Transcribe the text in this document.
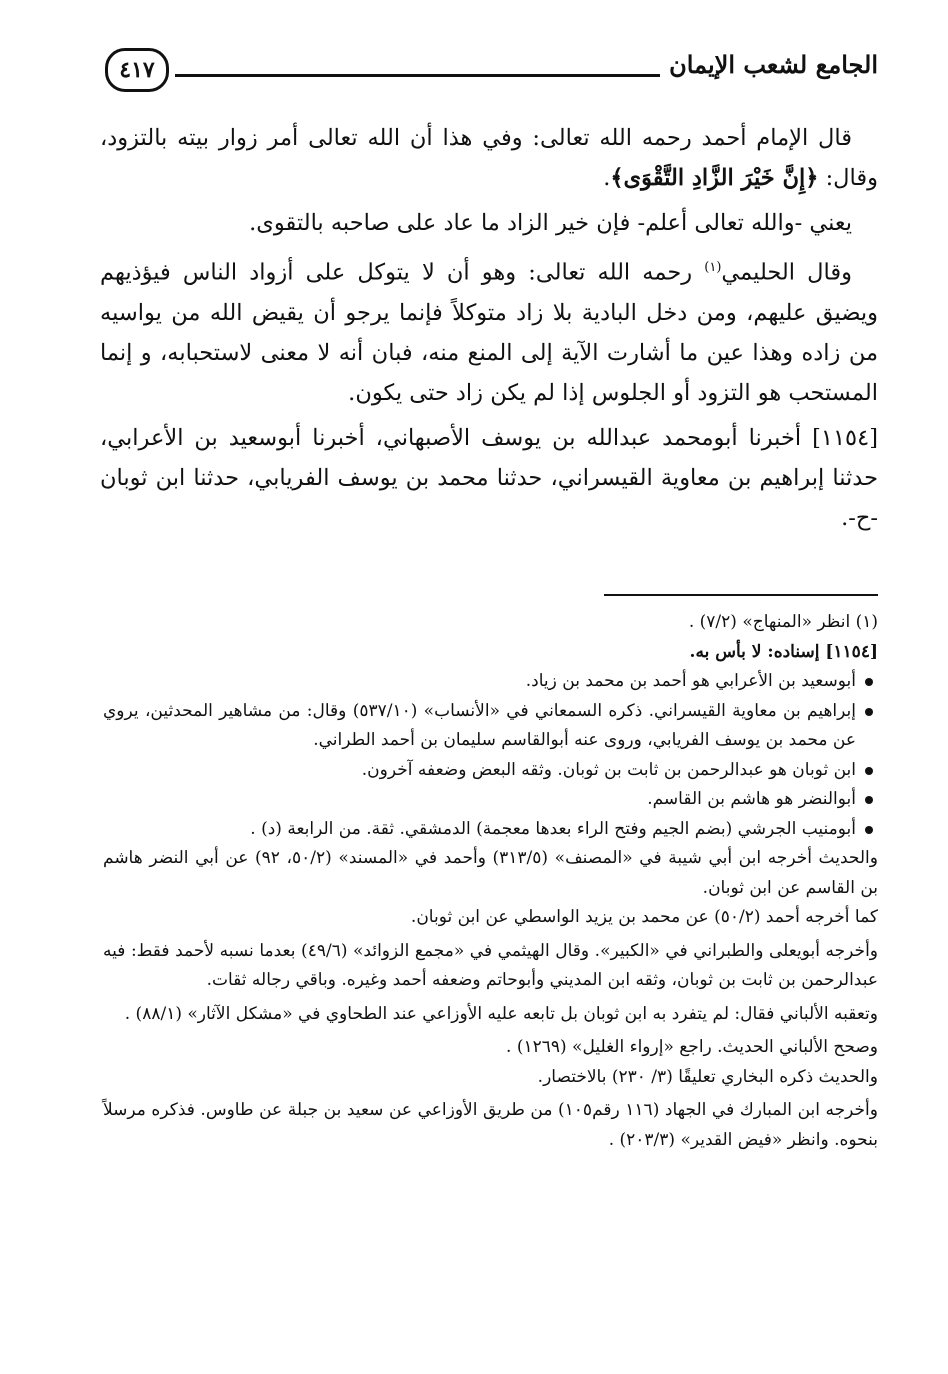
الجامع لشعب الإيمان
٤١٧

قال الإمام أحمد رحمه الله تعالى: وفي هذا أن الله تعالى أمر زوار بيته بالتزود، وقال: ﴿إِنَّ خَيْرَ الزَّادِ التَّقْوَى﴾.

يعني -والله تعالى أعلم- فإن خير الزاد ما عاد على صاحبه بالتقوى.

وقال الحليمي$^{(١)}$ رحمه الله تعالى: وهو أن لا يتوكل على أزواد الناس فيؤذيهم ويضيق عليهم، ومن دخل البادية بلا زاد متوكلاً فإنما يرجو أن يقيض الله من يواسيه من زاده وهذا عين ما أشارت الآية إلى المنع منه، فبان أنه لا معنى لاستحبابه، و إنما المستحب هو التزود أو الجلوس إذا لم يكن زاد حتى يكون.

[١١٥٤] أخبرنا أبومحمد عبدالله بن يوسف الأصبهاني، أخبرنا أبوسعيد بن الأعرابي، حدثنا إبراهيم بن معاوية القيسراني، حدثنا محمد بن يوسف الفريابي، حدثنا ابن ثوبان -ح-.

(١) انظر «المنهاج» (٧/٢) .

[١١٥٤] إسناده: لا بأس به.

أبوسعيد بن الأعرابي هو أحمد بن محمد بن زياد.
إبراهيم بن معاوية القيسراني. ذكره السمعاني في «الأنساب» (٥٣٧/١٠) وقال: من مشاهير المحدثين، يروي عن محمد بن يوسف الفريابي، وروى عنه أبوالقاسم سليمان بن أحمد الطراني.
ابن ثوبان هو عبدالرحمن بن ثابت بن ثوبان. وثقه البعض وضعفه آخرون.
أبوالنضر هو هاشم بن القاسم.
أبومنيب الجرشي (بضم الجيم وفتح الراء بعدها معجمة) الدمشقي. ثقة. من الرابعة (د) .

والحديث أخرجه ابن أبي شيبة في «المصنف» (٣١٣/٥) وأحمد في «المسند» (٥٠/٢، ٩٢) عن أبي النضر هاشم بن القاسم عن ابن ثوبان.

كما أخرجه أحمد (٥٠/٢) عن محمد بن يزيد الواسطي عن ابن ثوبان.

وأخرجه أبويعلى والطبراني في «الكبير». وقال الهيثمي في «مجمع الزوائد» (٤٩/٦) بعدما نسبه لأحمد فقط: فيه عبدالرحمن بن ثابت بن ثوبان، وثقه ابن المديني وأبوحاتم وضعفه أحمد وغيره. وباقي رجاله ثقات.

وتعقبه الألباني فقال: لم يتفرد به ابن ثوبان بل تابعه عليه الأوزاعي عند الطحاوي في «مشكل الآثار» (٨٨/١) .

وصحح الألباني الحديث. راجع «إرواء الغليل» (١٢٦٩) .

والحديث ذكره البخاري تعليقًا (٣/ ٢٣٠) بالاختصار.

وأخرجه ابن المبارك في الجهاد (١١٦ رقم١٠٥) من طريق الأوزاعي عن سعيد بن جبلة عن طاوس. فذكره مرسلاً بنحوه. وانظر «فيض القدير» (٢٠٣/٣) .
